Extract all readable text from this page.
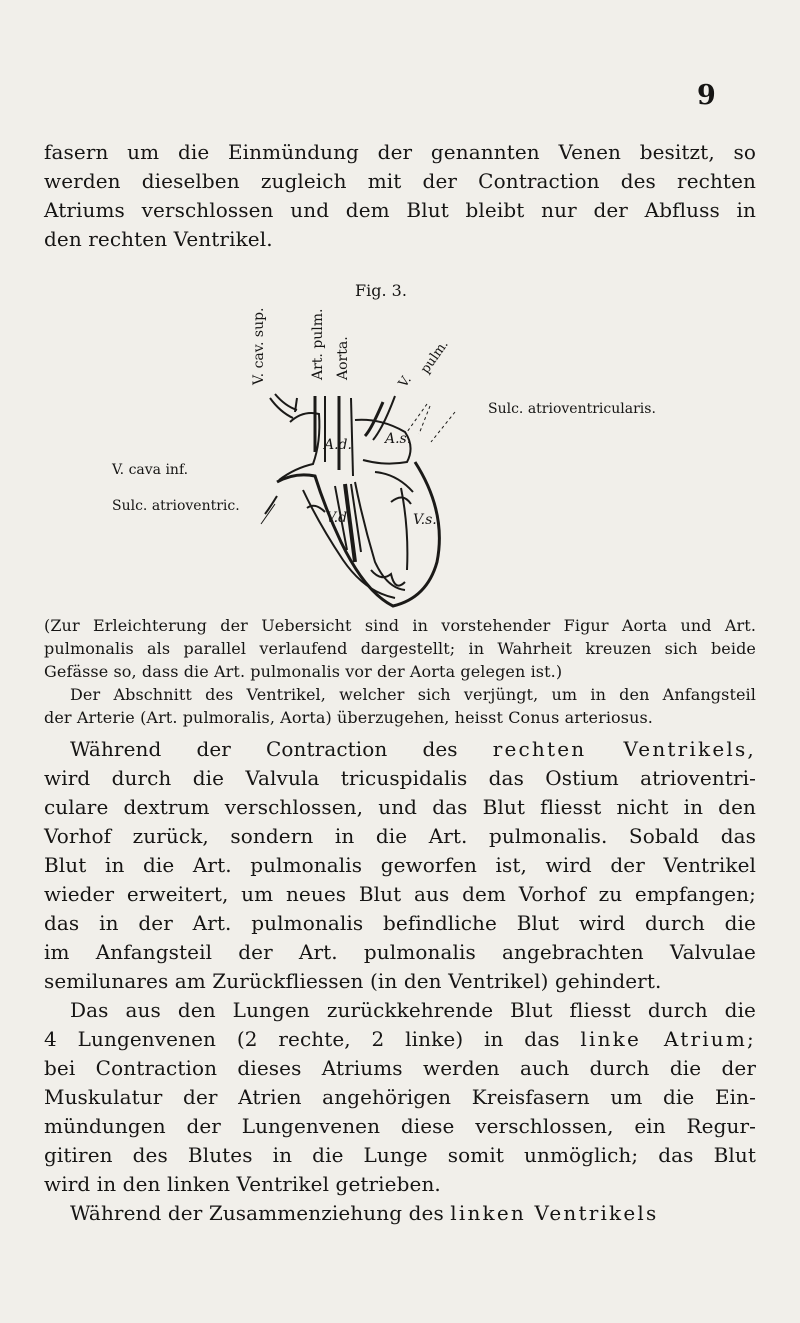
9

fasern um die Einmündung der genannten Venen besitzt, so

werden dieselben zugleich mit der Contraction des rechten

Atriums verschlossen und dem Blut bleibt nur der Abfluss in

den rechten Ventrikel.

Fig. 3.
V. cav. sup.	Art. pulm. Aorta.
V.
pulm.
V. cava inf.
Sulc. atrioventric.
Sulc. atrioventricularis.
A.d. A.s.
V.d.	V.s.

(Zur Erleichterung der Uebersicht sind in vorstehender Figur Aorta und Art.

pulmonalis als parallel verlaufend dargestellt; in Wahrheit kreuzen sich beide

Gefässe so, dass die Art. pulmonalis vor der Aorta gelegen ist.)

Der Abschnitt des Ventrikel, welcher sich verjüngt, um in den Anfangsteil

der Arterie (Art. pulmoralis, Aorta) überzugehen, heisst Conus arteriosus.

Während der Contraction des rechten Ventrikels,

wird durch die Valvula tricuspidalis das Ostium atrioventri-

culare dextrum verschlossen, und das Blut fliesst nicht in den

Vorhof zurück, sondern in die Art. pulmonalis. Sobald das

Blut in die Art. pulmonalis geworfen ist, wird der Ventrikel

wieder erweitert, um neues Blut aus dem Vorhof zu empfangen;

das in der Art. pulmonalis befindliche Blut wird durch die

im Anfangsteil der Art. pulmonalis angebrachten Valvulae

semilunares am Zurückfliessen (in den Ventrikel) gehindert.

Das aus den Lungen zurückkehrende Blut fliesst durch die

4 Lungenvenen (2 rechte, 2 linke) in das linke Atrium;

bei Contraction dieses Atriums werden auch durch die der

Muskulatur der Atrien angehörigen Kreisfasern um die Ein-

mündungen der Lungenvenen diese verschlossen, ein Regur-

gitiren des Blutes in die Lunge somit unmöglich; das Blut

wird in den linken Ventrikel getrieben.

Während der Zusammenziehung des linken Ventrikels
